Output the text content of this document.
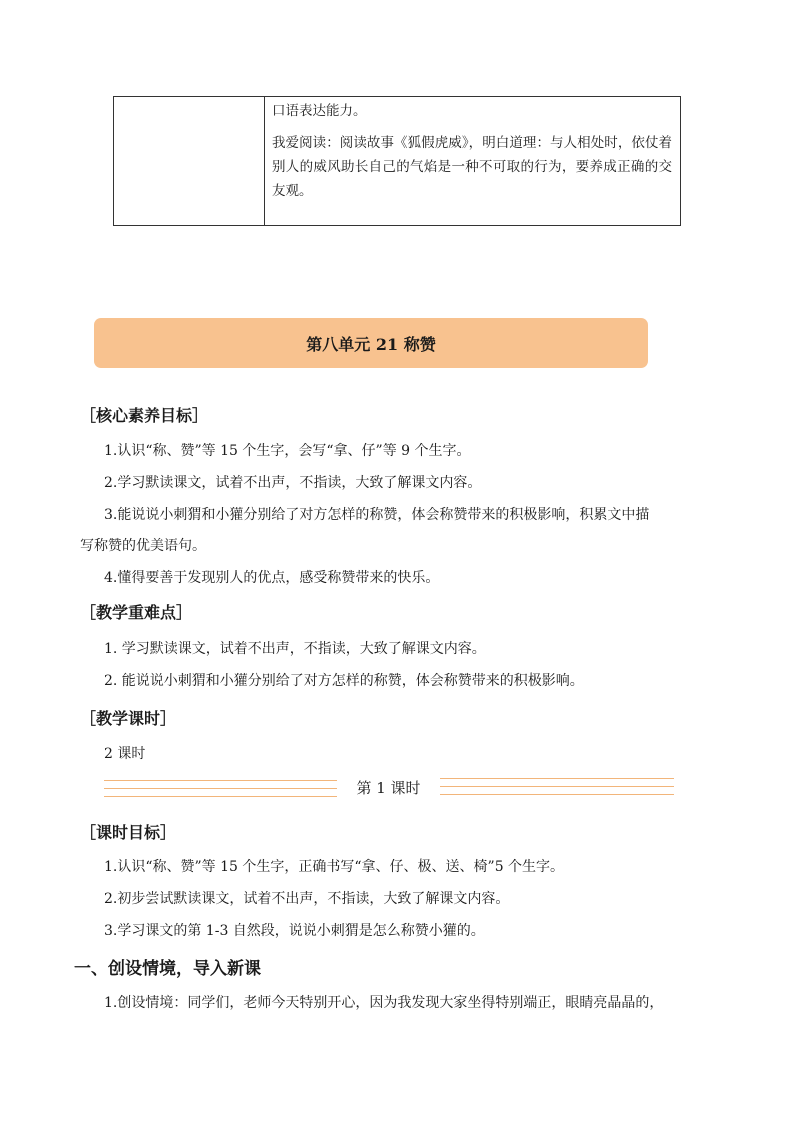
口语表达能力。

我爱阅读：阅读故事《狐假虎威》，明白道理：与人相处时，依仗着别人的威风助长自己的气焰是一种不可取的行为，要养成正确的交友观。

第八单元 21 称赞
［核心素养目标］
1.认识“称、赞”等 15 个生字，会写“拿、仔”等 9 个生字。
2.学习默读课文，试着不出声，不指读，大致了解课文内容。
3.能说说小刺猬和小獾分别给了对方怎样的称赞，体会称赞带来的积极影响，积累文中描
写称赞的优美语句。
4.懂得要善于发现别人的优点，感受称赞带来的快乐。
［教学重难点］
1. 学习默读课文，试着不出声，不指读，大致了解课文内容。
2. 能说说小刺猬和小獾分别给了对方怎样的称赞，体会称赞带来的积极影响。
［教学课时］
2 课时
第 1 课时
［课时目标］
1.认识“称、赞”等 15 个生字，正确书写“拿、仔、极、送、椅”5 个生字。
2.初步尝试默读课文，试着不出声，不指读，大致了解课文内容。
3.学习课文的第 1-3 自然段，说说小刺猬是怎么称赞小獾的。
一、创设情境，导入新课
1.创设情境：同学们，老师今天特别开心，因为我发现大家坐得特别端正，眼睛亮晶晶的，
